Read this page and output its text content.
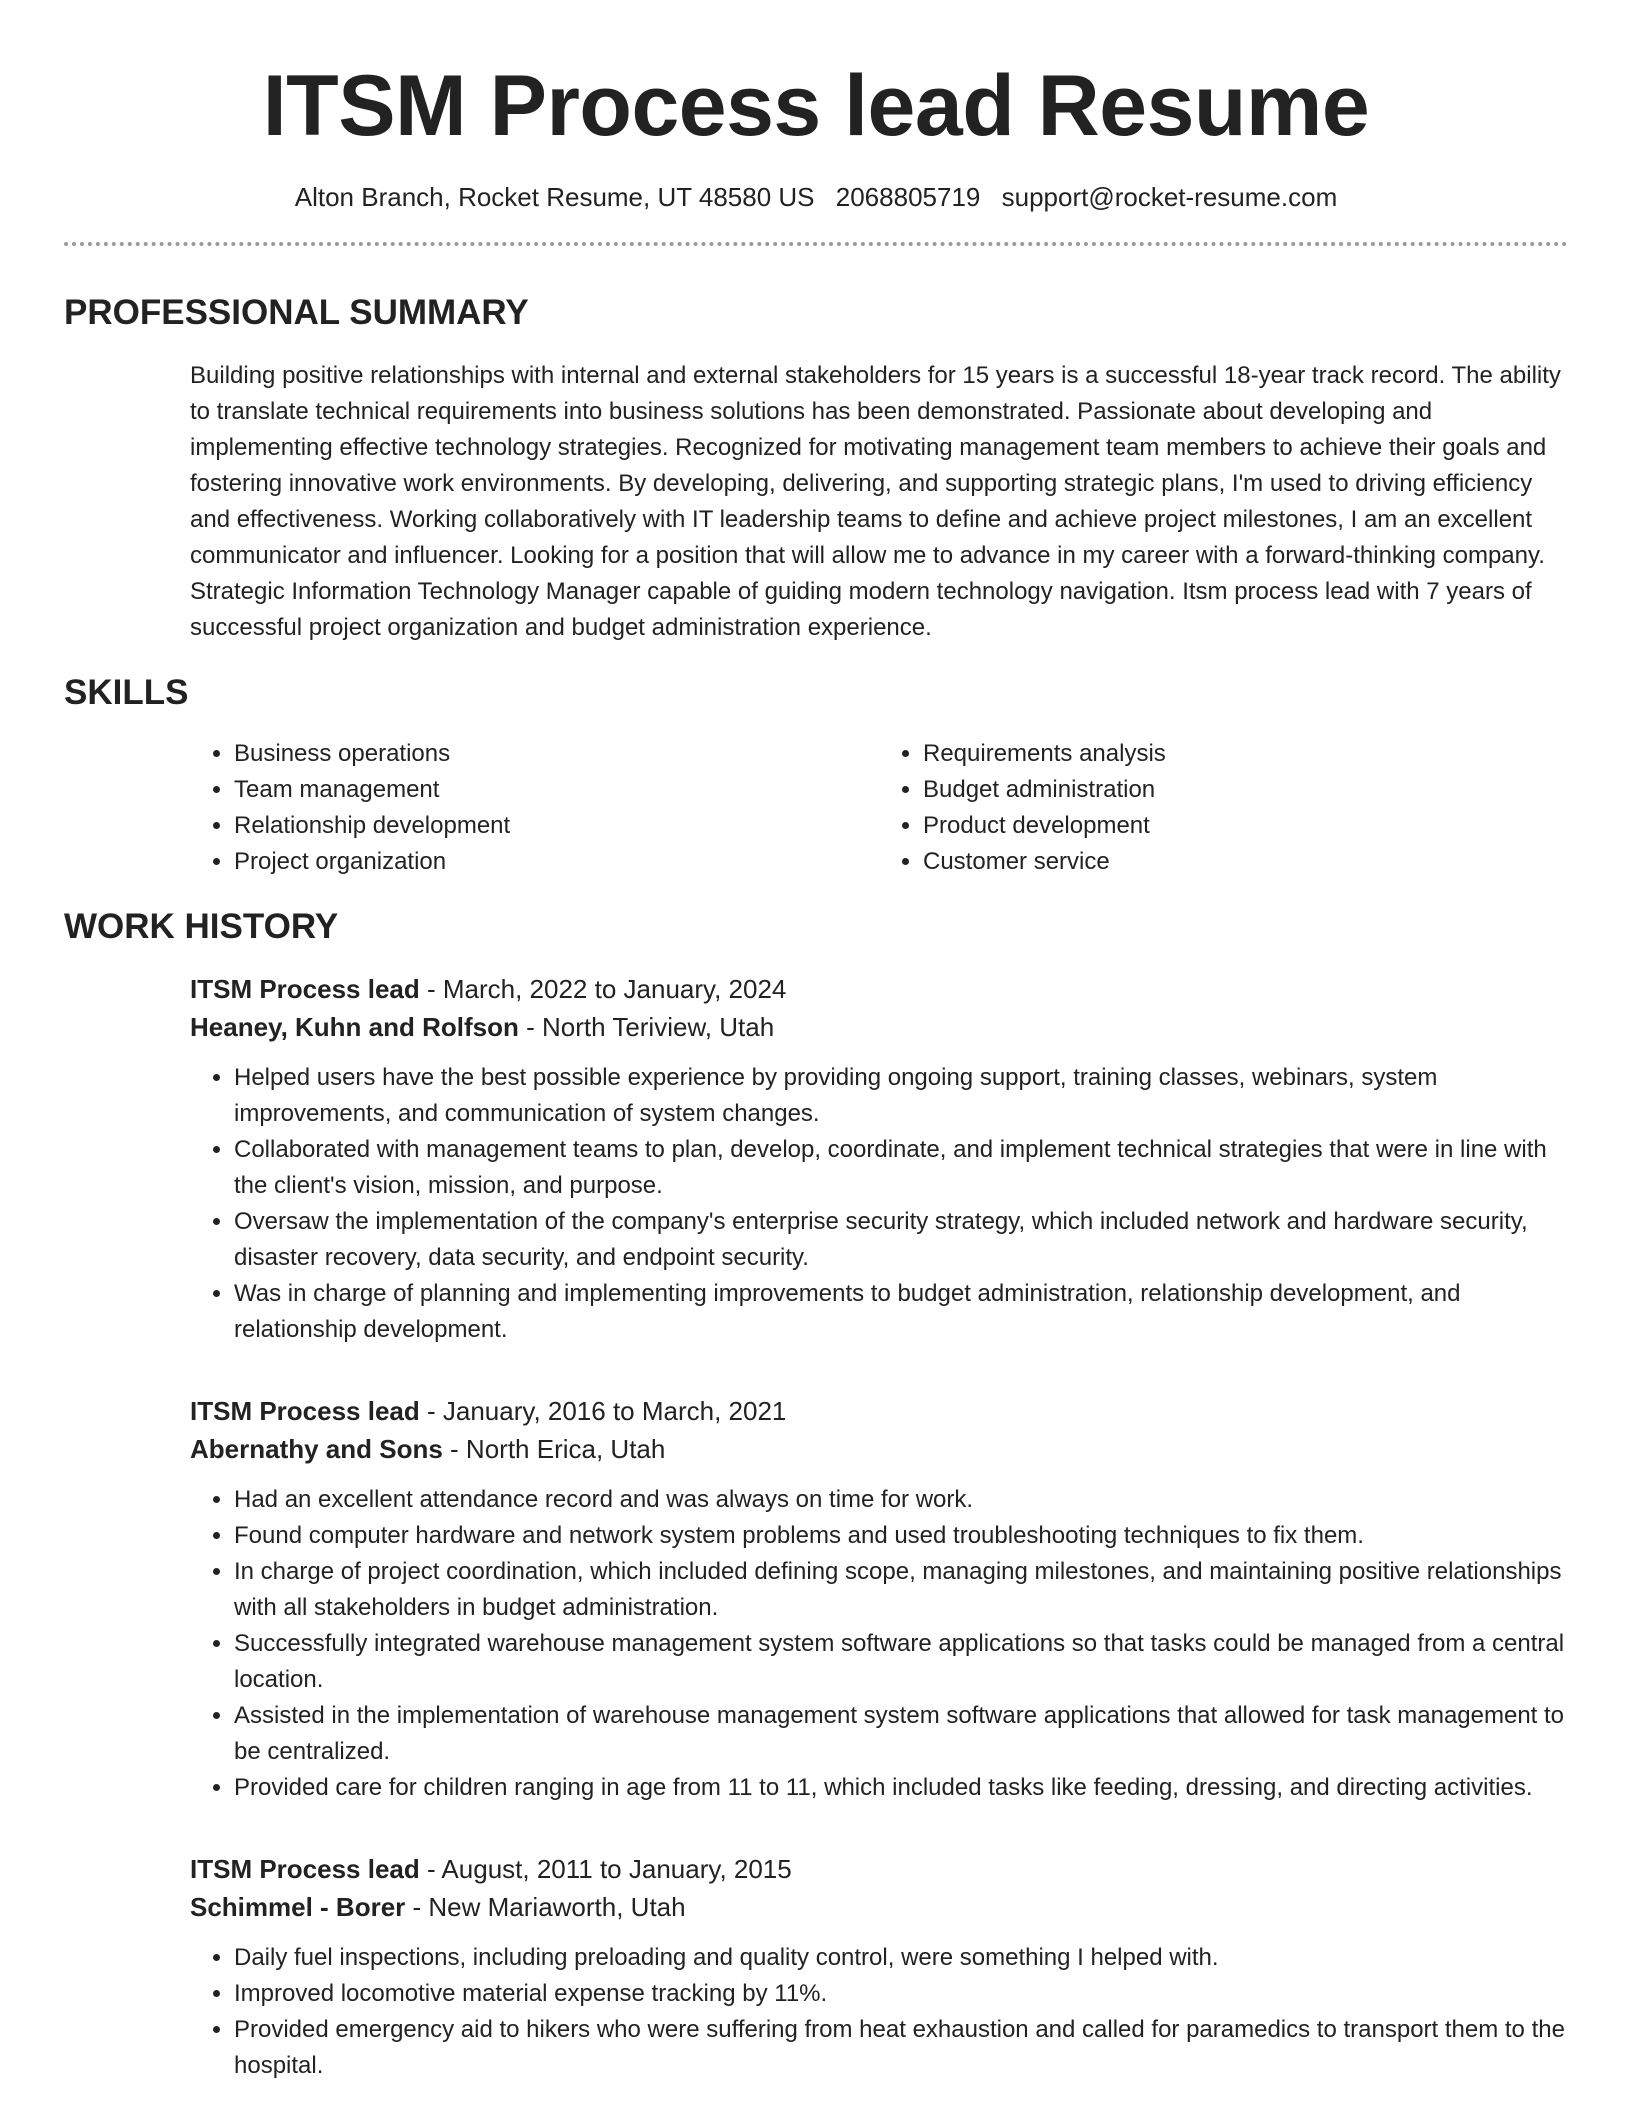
ITSM Process lead Resume
Alton Branch, Rocket Resume, UT 48580 US 2068805719 support@rocket-resume.com
PROFESSIONAL SUMMARY
Building positive relationships with internal and external stakeholders for 15 years is a successful 18-year track record. The ability to translate technical requirements into business solutions has been demonstrated. Passionate about developing and implementing effective technology strategies. Recognized for motivating management team members to achieve their goals and fostering innovative work environments. By developing, delivering, and supporting strategic plans, I'm used to driving efficiency and effectiveness. Working collaboratively with IT leadership teams to define and achieve project milestones, I am an excellent communicator and influencer. Looking for a position that will allow me to advance in my career with a forward-thinking company. Strategic Information Technology Manager capable of guiding modern technology navigation. Itsm process lead with 7 years of successful project organization and budget administration experience.
SKILLS
• Business operations
• Team management
• Relationship development
• Project organization
• Requirements analysis
• Budget administration
• Product development
• Customer service
WORK HISTORY
ITSM Process lead - March, 2022 to January, 2024
Heaney, Kuhn and Rolfson - North Teriview, Utah
• Helped users have the best possible experience by providing ongoing support, training classes, webinars, system improvements, and communication of system changes.
• Collaborated with management teams to plan, develop, coordinate, and implement technical strategies that were in line with the client's vision, mission, and purpose.
• Oversaw the implementation of the company's enterprise security strategy, which included network and hardware security, disaster recovery, data security, and endpoint security.
• Was in charge of planning and implementing improvements to budget administration, relationship development, and relationship development.
ITSM Process lead - January, 2016 to March, 2021
Abernathy and Sons - North Erica, Utah
• Had an excellent attendance record and was always on time for work.
• Found computer hardware and network system problems and used troubleshooting techniques to fix them.
• In charge of project coordination, which included defining scope, managing milestones, and maintaining positive relationships with all stakeholders in budget administration.
• Successfully integrated warehouse management system software applications so that tasks could be managed from a central location.
• Assisted in the implementation of warehouse management system software applications that allowed for task management to be centralized.
• Provided care for children ranging in age from 11 to 11, which included tasks like feeding, dressing, and directing activities.
ITSM Process lead - August, 2011 to January, 2015
Schimmel - Borer - New Mariaworth, Utah
• Daily fuel inspections, including preloading and quality control, were something I helped with.
• Improved locomotive material expense tracking by 11%.
• Provided emergency aid to hikers who were suffering from heat exhaustion and called for paramedics to transport them to the hospital.
